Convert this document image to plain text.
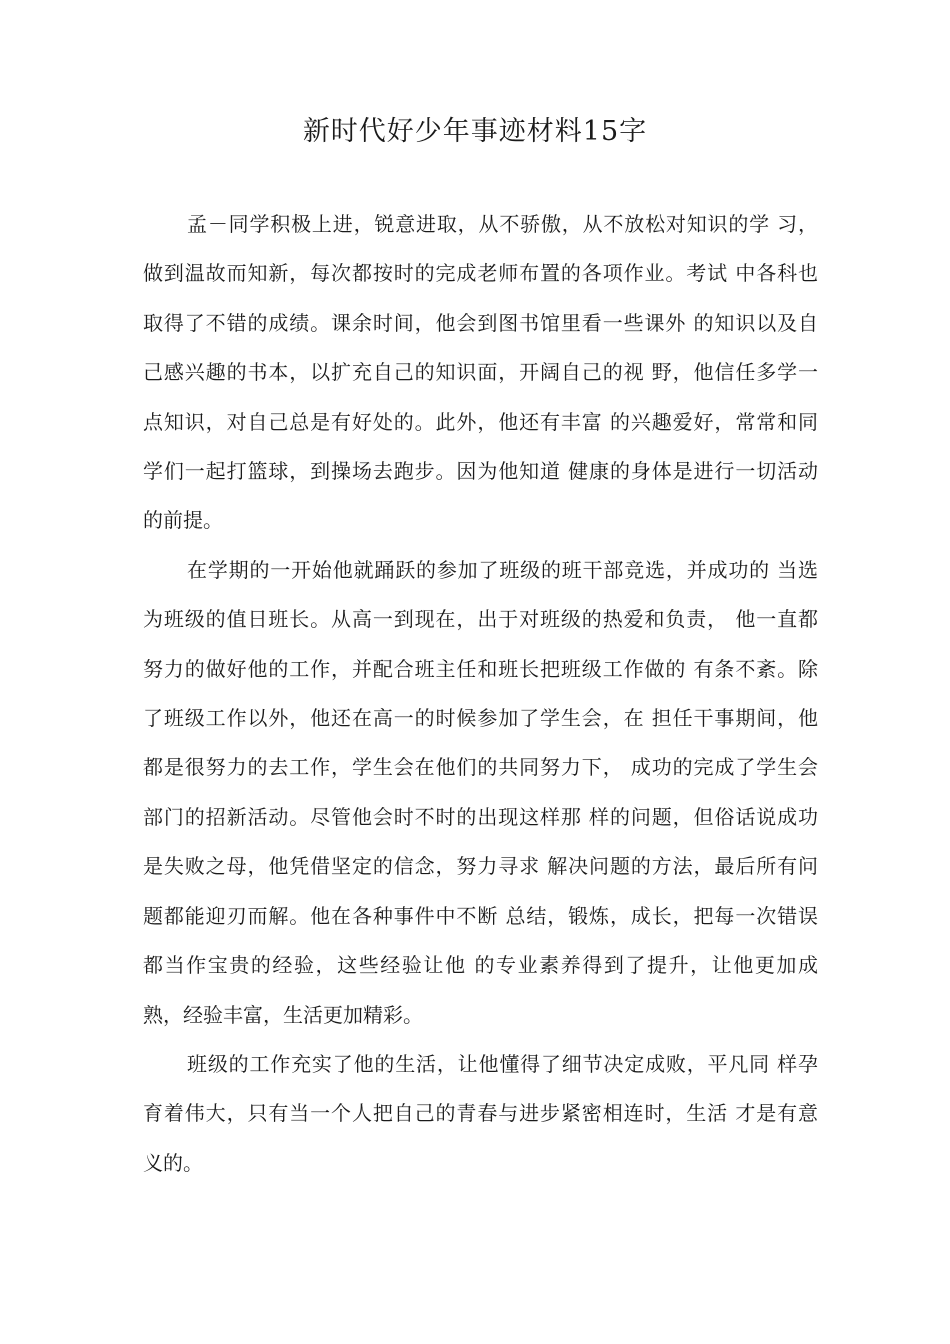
新时代好少年事迹材料15字
孟－同学积极上进，锐意进取，从不骄傲，从不放松对知识的学 习，
做到温故而知新，每次都按时的完成老师布置的各项作业。考试 中各科也
取得了不错的成绩。课余时间，他会到图书馆里看一些课外 的知识以及自
己感兴趣的书本，以扩充自己的知识面，开阔自己的视 野，他信任多学一
点知识，对自己总是有好处的。此外，他还有丰富 的兴趣爱好，常常和同
学们一起打篮球，到操场去跑步。因为他知道 健康的身体是进行一切活动
的前提。
在学期的一开始他就踊跃的参加了班级的班干部竞选，并成功的 当选
为班级的值日班长。从高一到现在，出于对班级的热爱和负责， 他一直都
努力的做好他的工作，并配合班主任和班长把班级工作做的 有条不紊。除
了班级工作以外，他还在高一的时候参加了学生会，在 担任干事期间，他
都是很努力的去工作，学生会在他们的共同努力下， 成功的完成了学生会
部门的招新活动。尽管他会时不时的出现这样那 样的问题，但俗话说成功
是失败之母，他凭借坚定的信念，努力寻求 解决问题的方法，最后所有问
题都能迎刃而解。他在各种事件中不断 总结，锻炼，成长，把每一次错误
都当作宝贵的经验，这些经验让他 的专业素养得到了提升，让他更加成
熟，经验丰富，生活更加精彩。
班级的工作充实了他的生活，让他懂得了细节决定成败，平凡同 样孕
育着伟大，只有当一个人把自己的青春与进步紧密相连时，生活 才是有意
义的。
